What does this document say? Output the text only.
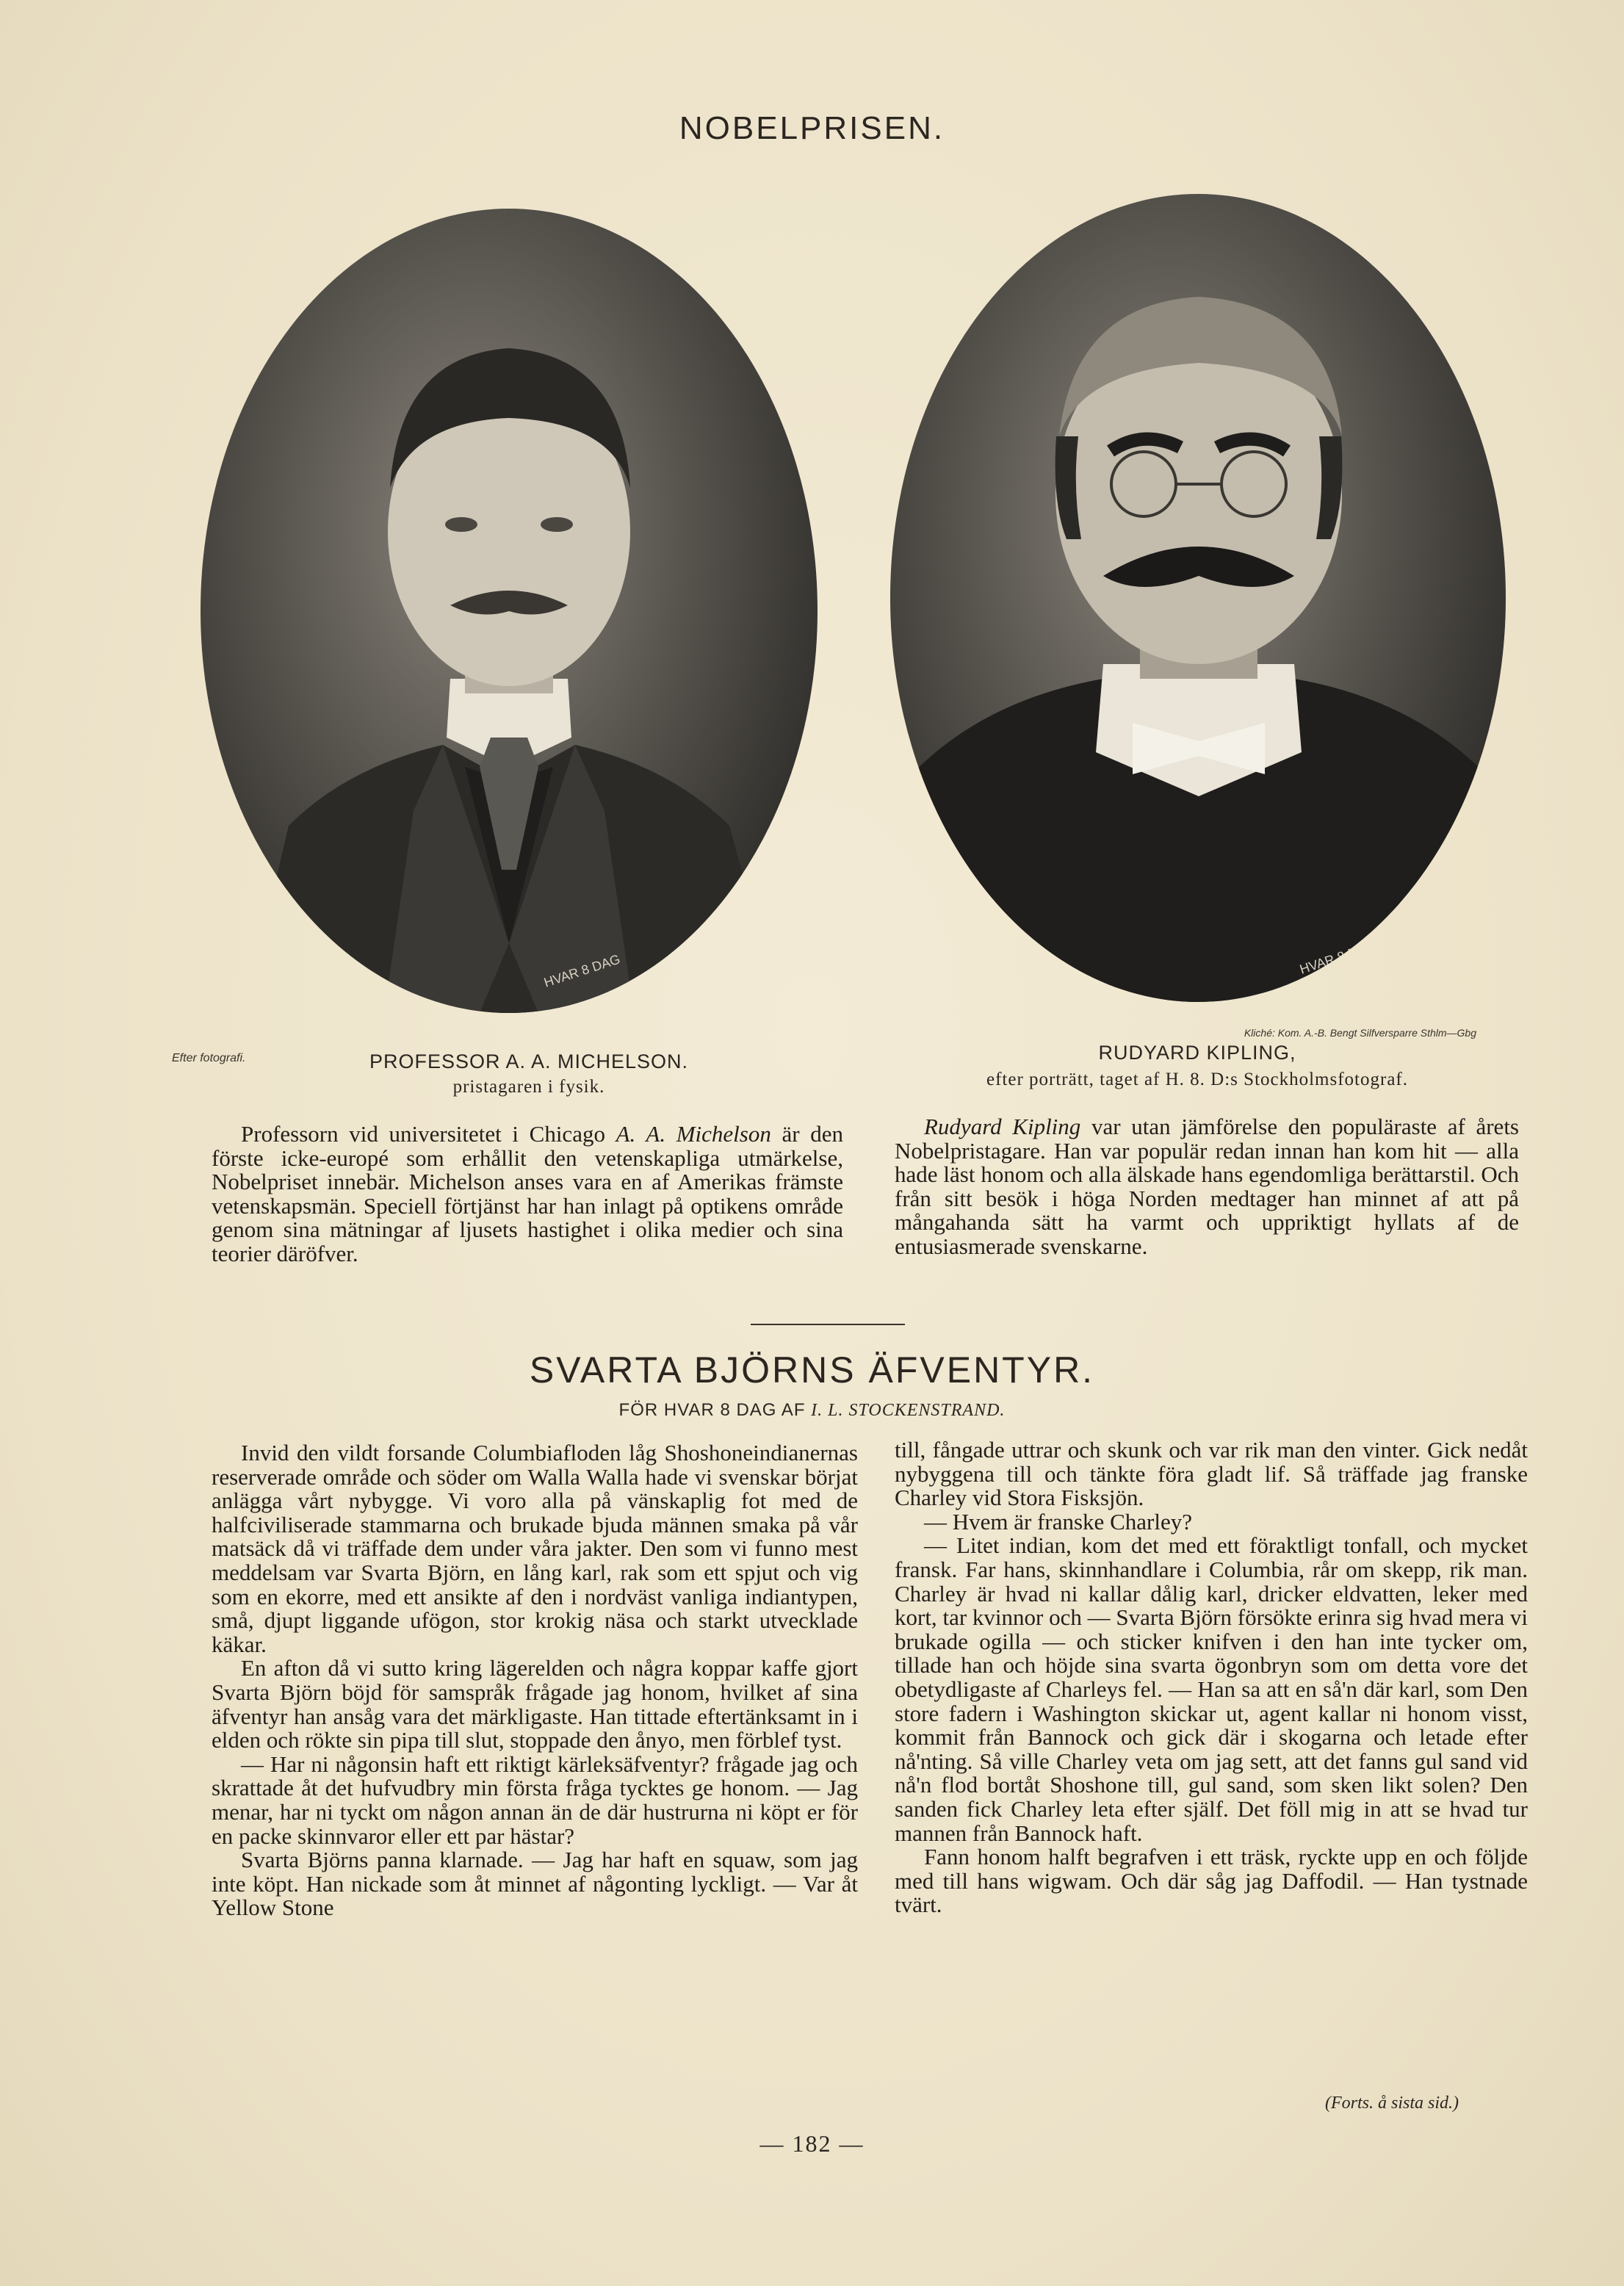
NOBELPRISEN.
HVAR 8 DAG	HVAR 8 DAG
Efter fotografi.	PROFESSOR A. A. MICHELSON.
pristagaren i fysik.
Kliché: Kom. A.-B. Bengt Silfversparre Sthlm—Gbg
RUDYARD KIPLING,
efter porträtt, taget af H. 8. D:s Stockholmsfotograf.

Professorn vid universitetet i Chicago A. A. Michelson är den förste icke-europé som erhållit den vetenskapliga utmärkelse, Nobelpriset innebär. Michelson anses vara en af Amerikas främste vetenskapsmän. Speciell förtjänst har han inlagt på optikens område genom sina mätningar af ljusets hastighet i olika medier och sina teorier däröfver.

Rudyard Kipling var utan jämförelse den populäraste af årets Nobelpristagare. Han var populär redan innan han kom hit — alla hade läst honom och alla älskade hans egendomliga berättarstil. Och från sitt besök i höga Norden medtager han minnet af att på mångahanda sätt ha varmt och uppriktigt hyllats af de entusiasmerade svenskarne.

SVARTA BJÖRNS ÄFVENTYR.
FÖR HVAR 8 DAG AF I. L. STOCKENSTRAND.

Invid den vildt forsande Columbiafloden låg Shoshoneindianernas reserverade område och söder om Walla Walla hade vi svenskar börjat anlägga vårt nybygge. Vi voro alla på vänskaplig fot med de halfciviliserade stammarna och brukade bjuda männen smaka på vår matsäck då vi träffade dem under våra jakter. Den som vi funno mest meddelsam var Svarta Björn, en lång karl, rak som ett spjut och vig som en ekorre, med ett ansikte af den i nordväst vanliga indiantypen, små, djupt liggande ufögon, stor krokig näsa och starkt utvecklade käkar.

En afton då vi sutto kring lägerelden och några koppar kaffe gjort Svarta Björn böjd för samspråk frågade jag honom, hvilket af sina äfventyr han ansåg vara det märkligaste. Han tittade eftertänksamt in i elden och rökte sin pipa till slut, stoppade den ånyo, men förblef tyst.

— Har ni någonsin haft ett riktigt kärleksäfventyr? frågade jag och skrattade åt det hufvudbry min första fråga tycktes ge honom. — Jag menar, har ni tyckt om någon annan än de där hustrurna ni köpt er för en packe skinnvaror eller ett par hästar?

Svarta Björns panna klarnade. — Jag har haft en squaw, som jag inte köpt. Han nickade som åt minnet af någonting lyckligt. — Var åt Yellow Stone

till, fångade uttrar och skunk och var rik man den vinter. Gick nedåt nybyggena till och tänkte föra gladt lif. Så träffade jag franske Charley vid Stora Fisksjön.

— Hvem är franske Charley?

— Litet indian, kom det med ett föraktligt tonfall, och mycket fransk. Far hans, skinnhandlare i Columbia, rår om skepp, rik man. Charley är hvad ni kallar dålig karl, dricker eldvatten, leker med kort, tar kvinnor och — Svarta Björn försökte erinra sig hvad mera vi brukade ogilla — och sticker knifven i den han inte tycker om, tillade han och höjde sina svarta ögonbryn som om detta vore det obetydligaste af Charleys fel. — Han sa att en så'n där karl, som Den store fadern i Washington skickar ut, agent kallar ni honom visst, kommit från Bannock och gick där i skogarna och letade efter nå'nting. Så ville Charley veta om jag sett, att det fanns gul sand vid nå'n flod bortåt Shoshone till, gul sand, som sken likt solen? Den sanden fick Charley leta efter själf. Det föll mig in att se hvad tur mannen från Bannock haft.

Fann honom halft begrafven i ett träsk, ryckte upp en och följde med till hans wigwam. Och där såg jag Daffodil. — Han tystnade tvärt.

(Forts. å sista sid.)
— 182 —
